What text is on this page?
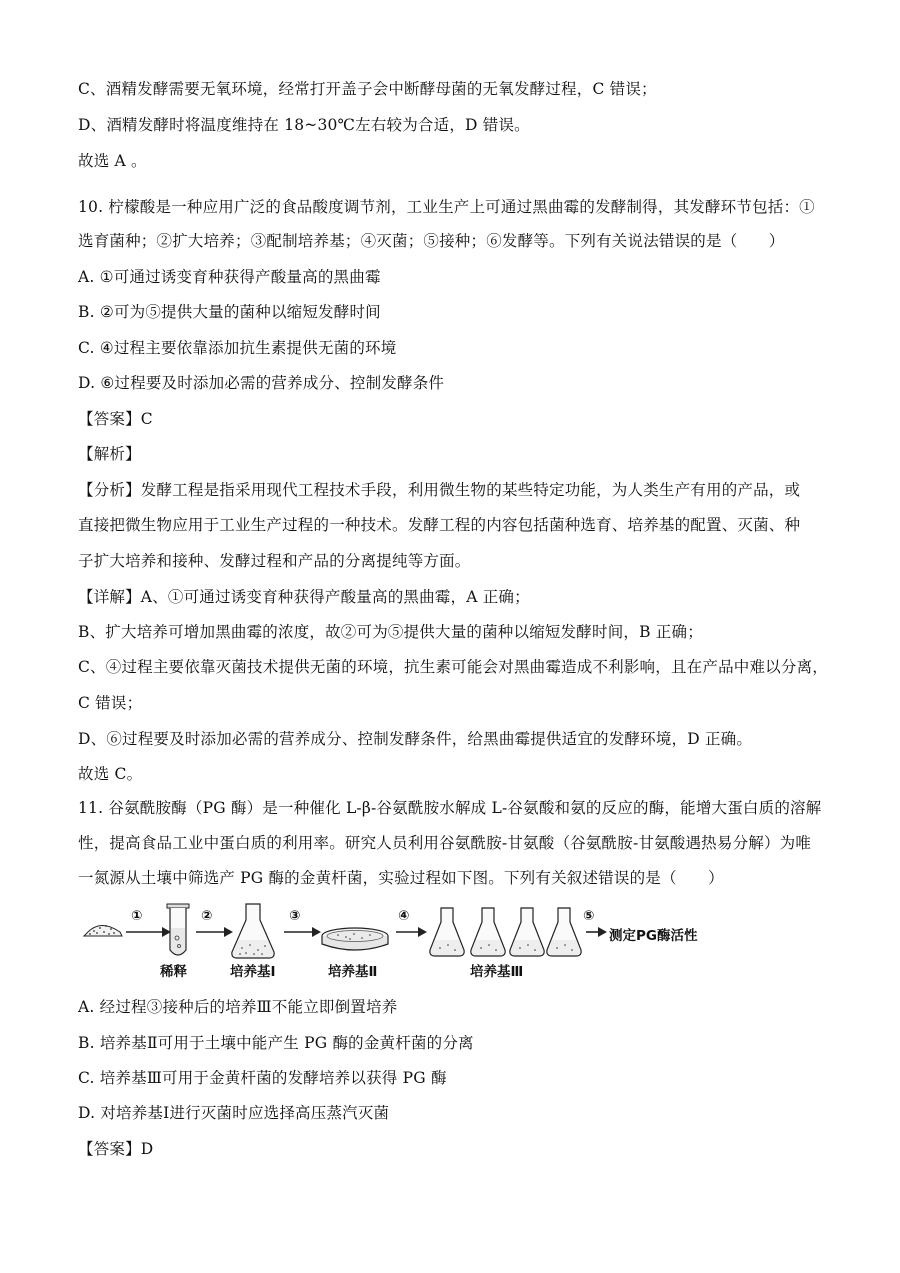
C、酒精发酵需要无氧环境，经常打开盖子会中断酵母菌的无氧发酵过程，C 错误；
D、酒精发酵时将温度维持在 18~30℃左右较为合适，D 错误。
故选 A 。
10. 柠檬酸是一种应用广泛的食品酸度调节剂，工业生产上可通过黑曲霉的发酵制得，其发酵环节包括：①
选育菌种；②扩大培养；③配制培养基；④灭菌；⑤接种；⑥发酵等。下列有关说法错误的是（　　）
A. ①可通过诱变育种获得产酸量高的黑曲霉
B. ②可为⑤提供大量的菌种以缩短发酵时间
C. ④过程主要依靠添加抗生素提供无菌的环境
D. ⑥过程要及时添加必需的营养成分、控制发酵条件
【答案】C
【解析】
【分析】发酵工程是指采用现代工程技术手段，利用微生物的某些特定功能，为人类生产有用的产品，或
直接把微生物应用于工业生产过程的一种技术。发酵工程的内容包括菌种选育、培养基的配置、灭菌、种
子扩大培养和接种、发酵过程和产品的分离提纯等方面。
【详解】A、①可通过诱变育种获得产酸量高的黑曲霉，A 正确；
B、扩大培养可增加黑曲霉的浓度，故②可为⑤提供大量的菌种以缩短发酵时间，B 正确；
C、④过程主要依靠灭菌技术提供无菌的环境，抗生素可能会对黑曲霉造成不利影响，且在产品中难以分离，
C 错误；
D、⑥过程要及时添加必需的营养成分、控制发酵条件，给黑曲霉提供适宜的发酵环境，D 正确。
故选 C。
11. 谷氨酰胺酶（PG 酶）是一种催化 L-β-谷氨酰胺水解成 L-谷氨酸和氨的反应的酶，能增大蛋白质的溶解
性，提高食品工业中蛋白质的利用率。研究人员利用谷氨酰胺-甘氨酸（谷氨酰胺-甘氨酸遇热易分解）为唯
一氮源从土壤中筛选产 PG 酶的金黄杆菌，实验过程如下图。下列有关叙述错误的是（　　）
①	②	③	④	⑤
测定PG酶活性
稀释	培养基Ⅰ	培养基Ⅱ	培养基Ⅲ
A. 经过程③接种后的培养Ⅲ不能立即倒置培养
B. 培养基Ⅱ可用于土壤中能产生 PG 酶的金黄杆菌的分离
C. 培养基Ⅲ可用于金黄杆菌的发酵培养以获得 PG 酶
D. 对培养基Ⅰ进行灭菌时应选择高压蒸汽灭菌
【答案】D
